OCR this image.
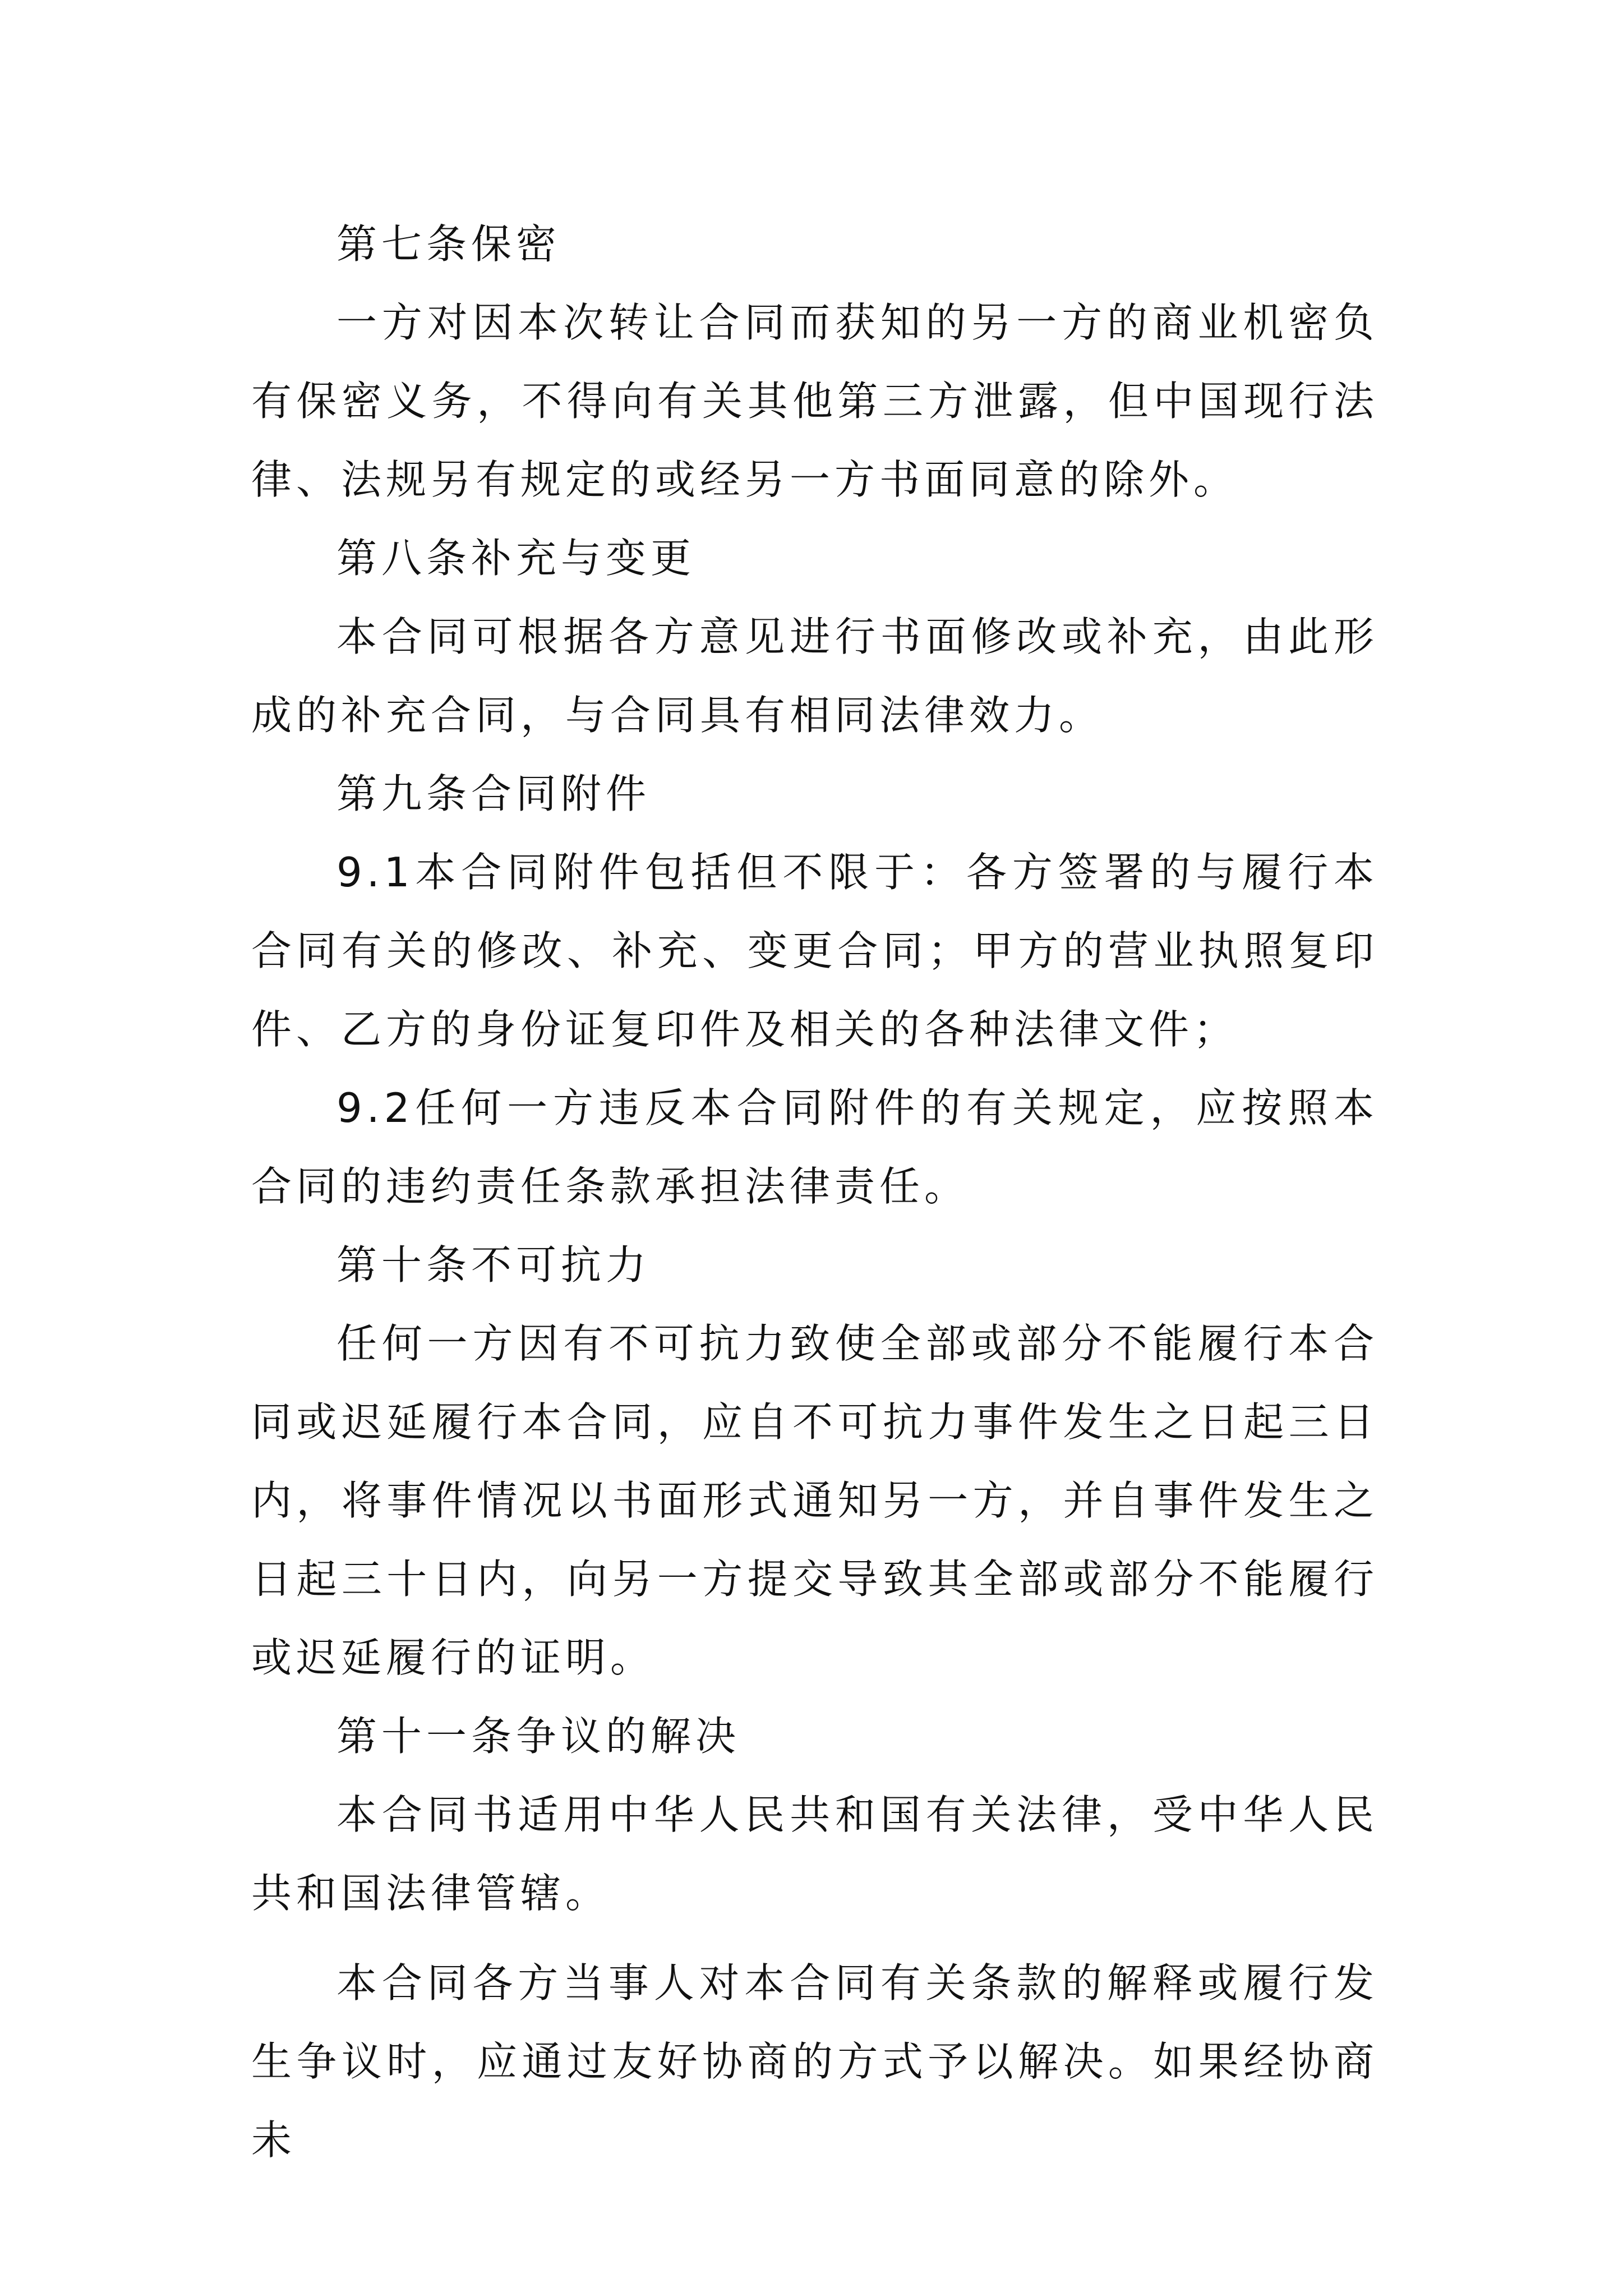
第七条保密

一方对因本次转让合同而获知的另一方的商业机密负有保密义务，不得向有关其他第三方泄露，但中国现行法律、法规另有规定的或经另一方书面同意的除外。

第八条补充与变更

本合同可根据各方意见进行书面修改或补充，由此形成的补充合同，与合同具有相同法律效力。

第九条合同附件

9.1本合同附件包括但不限于：各方签署的与履行本合同有关的修改、补充、变更合同；甲方的营业执照复印件、乙方的身份证复印件及相关的各种法律文件；

9.2任何一方违反本合同附件的有关规定，应按照本合同的违约责任条款承担法律责任。

第十条不可抗力

任何一方因有不可抗力致使全部或部分不能履行本合同或迟延履行本合同，应自不可抗力事件发生之日起三日内，将事件情况以书面形式通知另一方，并自事件发生之日起三十日内，向另一方提交导致其全部或部分不能履行或迟延履行的证明。

第十一条争议的解决

本合同书适用中华人民共和国有关法律，受中华人民共和国法律管辖。

本合同各方当事人对本合同有关条款的解释或履行发生争议时，应通过友好协商的方式予以解决。如果经协商未
